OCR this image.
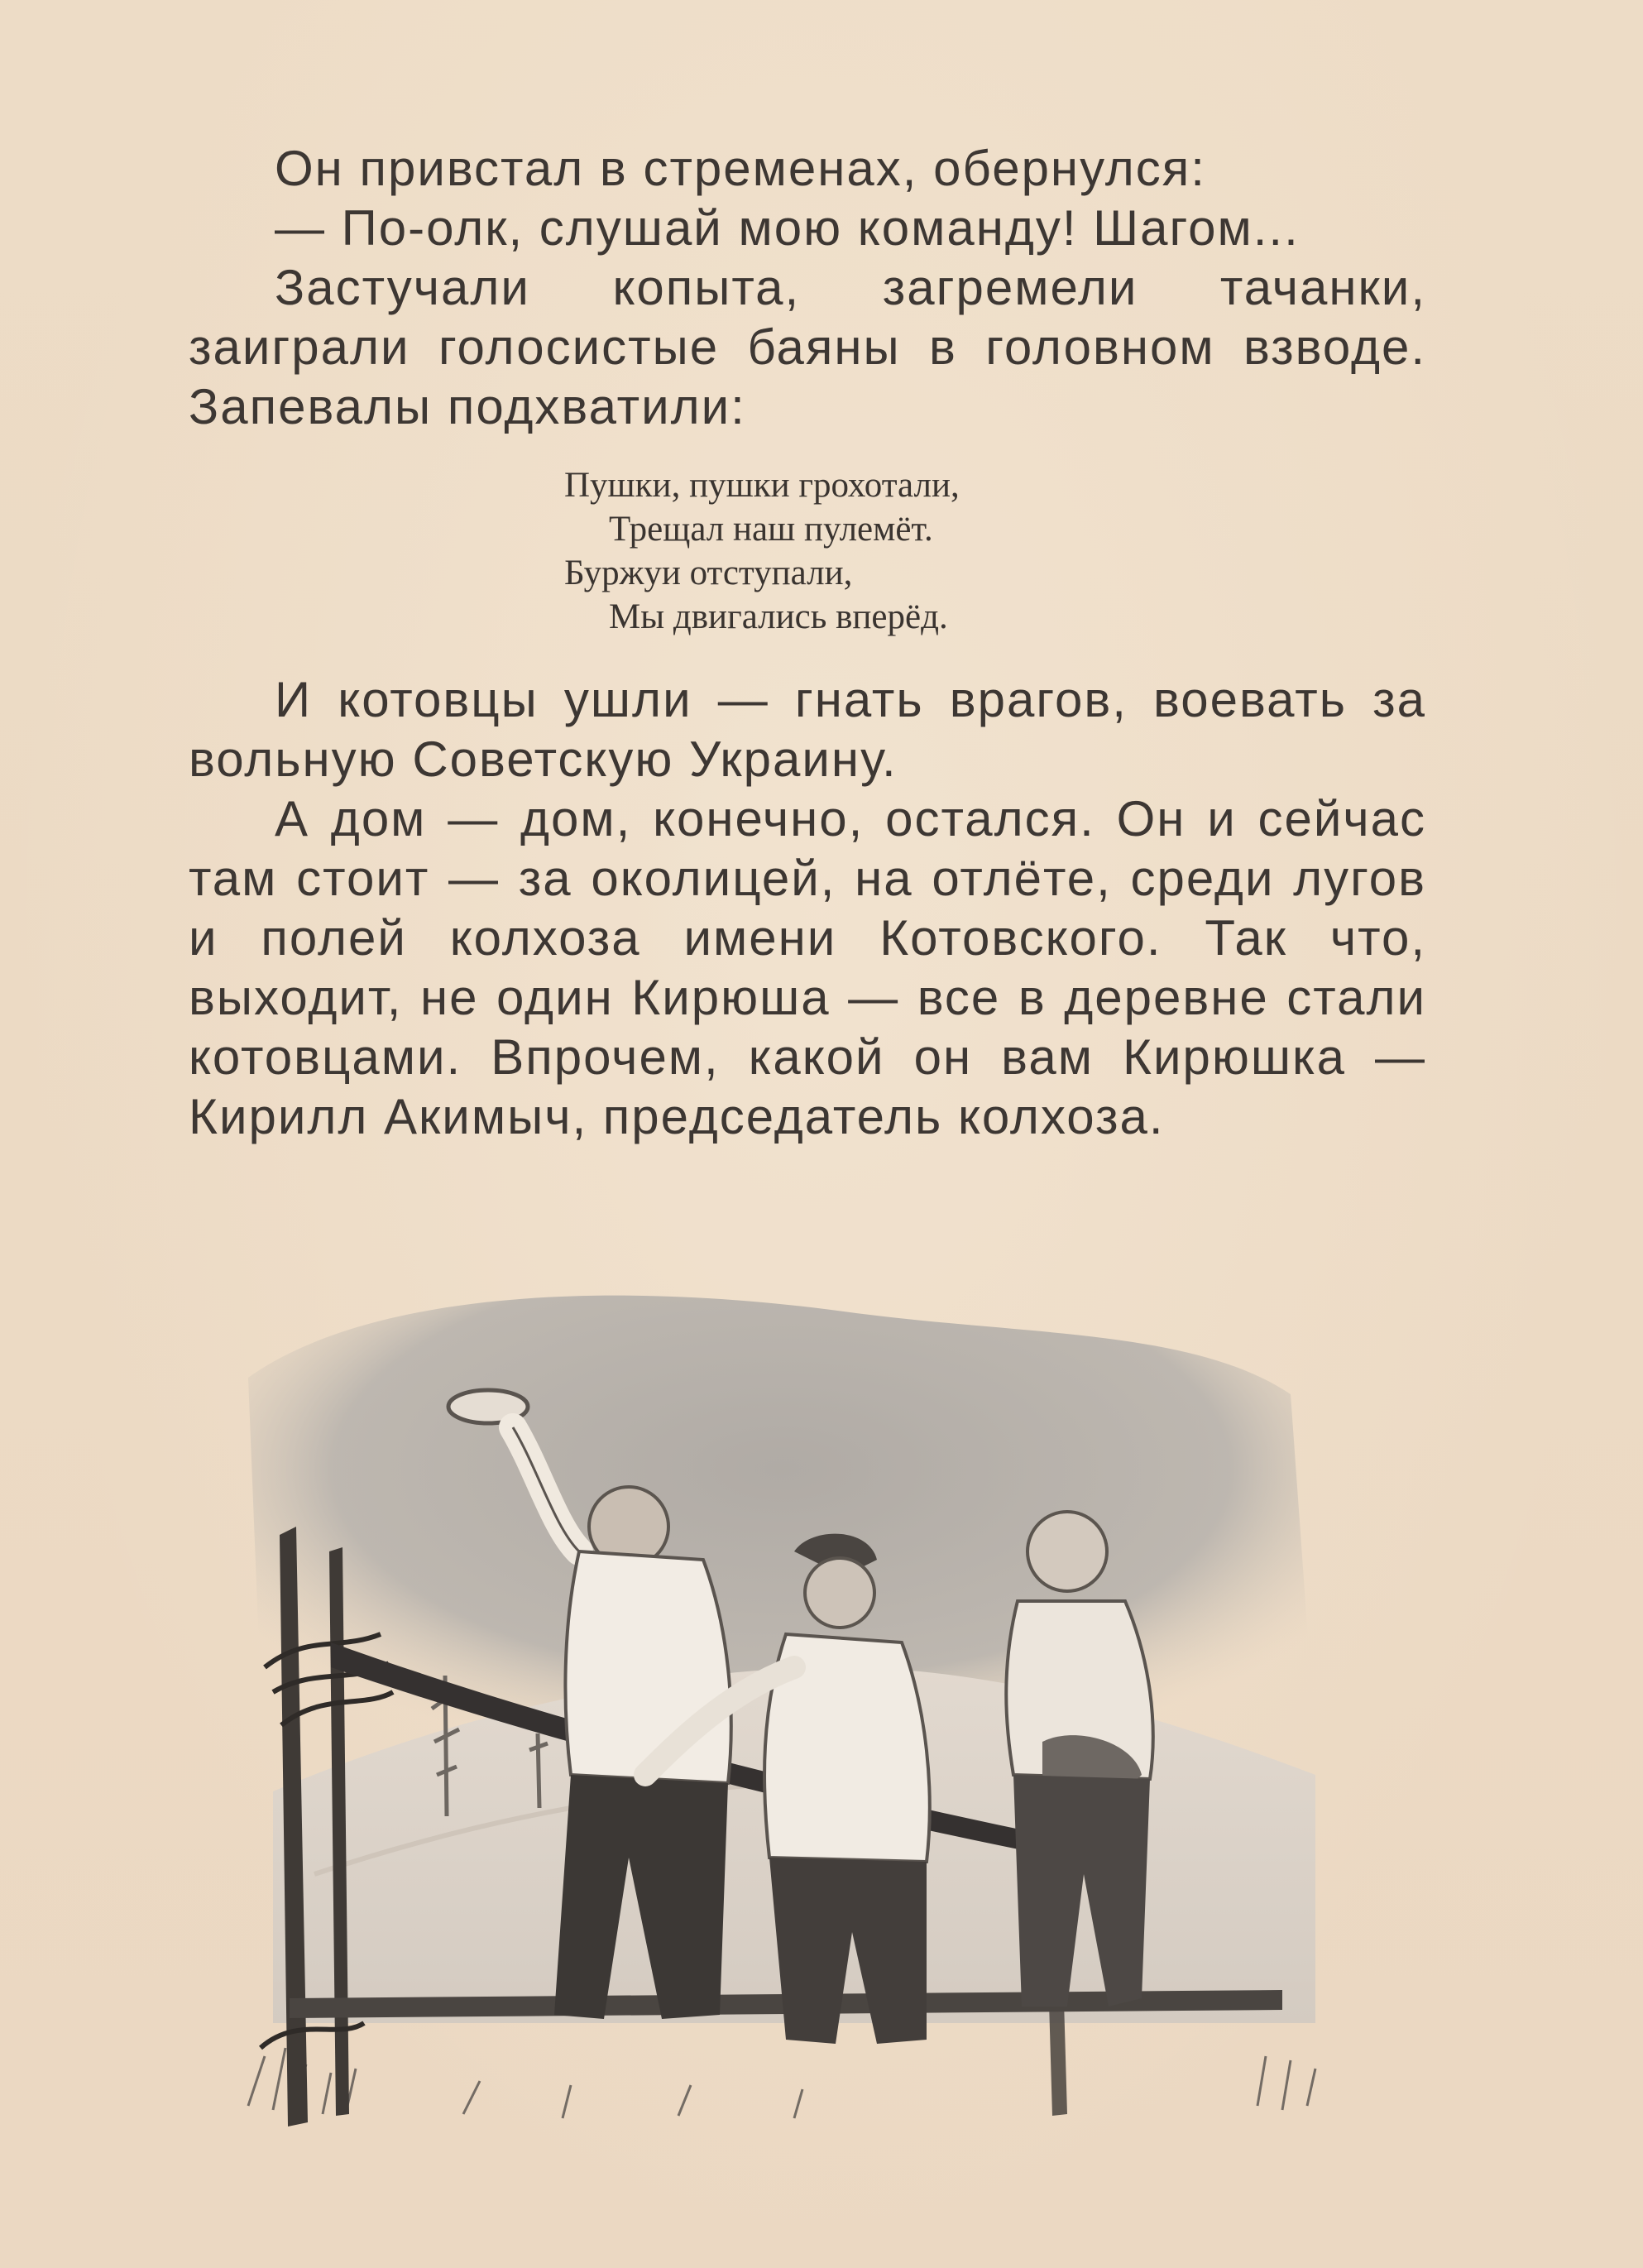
Он привстал в стременах, обернулся:

— По-олк, слушай мою команду! Шагом...

Застучали копыта, загремели тачанки, заиграли голосистые баяны в головном взводе. Запевалы подхватили:

Пушки, пушки грохотали,
Трещал наш пулемёт.
Буржуи отступали,
Мы двигались вперёд.

И котовцы ушли — гнать врагов, воевать за вольную Советскую Украину.

А дом — дом, конечно, остался. Он и сейчас там стоит — за околицей, на отлёте, среди лугов и полей колхоза имени Котовского. Так что, выходит, не один Кирюша — все в деревне стали котовцами. Впрочем, какой он вам Кирюшка — Кирилл Акимыч, председатель колхоза.
